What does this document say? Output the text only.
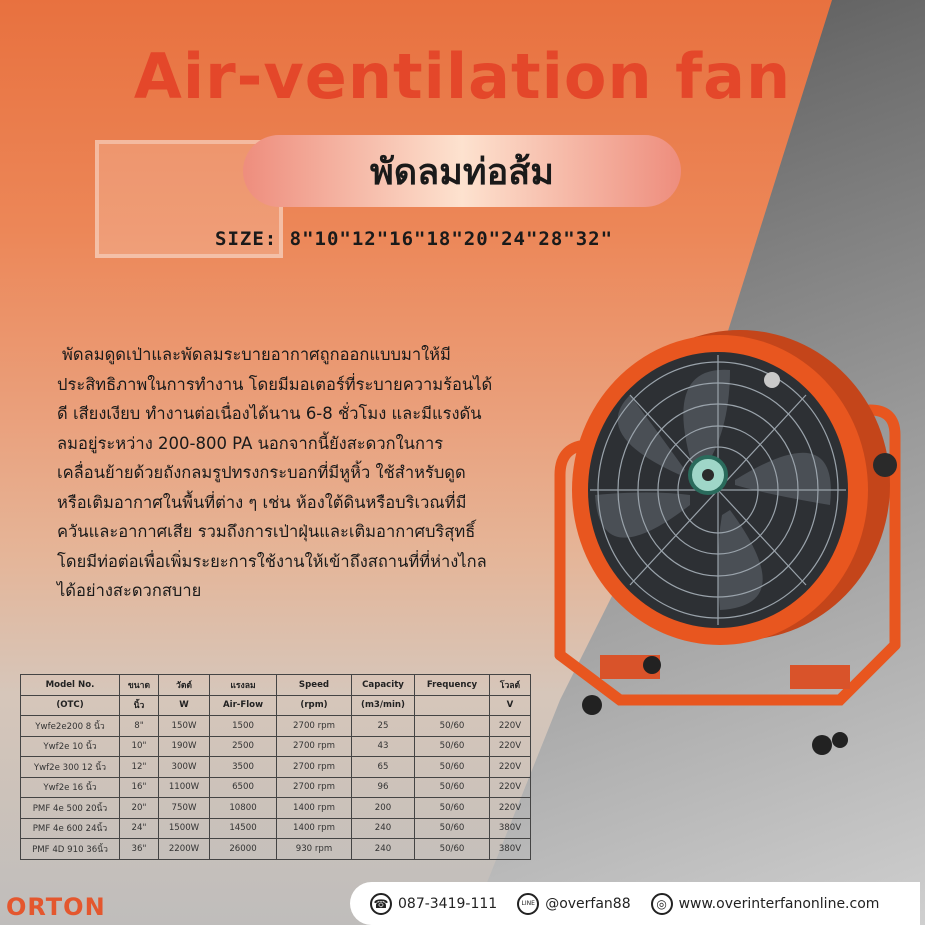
Air-ventilation fan
พัดลมท่อส้ม
SIZE: 8"10"12"16"18"20"24"28"32"

พัดลมดูดเป่าและพัดลมระบายอากาศถูกออกแบบมาให้มี

ประสิทธิภาพในการทำงาน โดยมีมอเตอร์ที่ระบายความร้อนได้

ดี เสียงเงียบ ทำงานต่อเนื่องได้นาน 6-8 ชั่วโมง และมีแรงดัน

ลมอยู่ระหว่าง 200-800 PA นอกจากนี้ยังสะดวกในการ

เคลื่อนย้ายด้วยถังกลมรูปทรงกระบอกที่มีหูหิ้ว ใช้สำหรับดูด

หรือเติมอากาศในพื้นที่ต่าง ๆ เช่น ห้องใต้ดินหรือบริเวณที่มี

ควันและอากาศเสีย รวมถึงการเป่าฝุ่นและเติมอากาศบริสุทธิ์

โดยมีท่อต่อเพื่อเพิ่มระยะการใช้งานให้เข้าถึงสถานที่ที่ห่างไกล

ได้อย่างสะดวกสบาย

Model No.	ขนาด	วัตต์	แรงลม	Speed	Capacity	Frequency	โวลต์
(OTC)	นิ้ว	W	Air-Flow	(rpm)	(m3/min)		V
Ywfe2e200 8 นิ้ว	8"	150W	1500	2700 rpm	25	50/60	220V
Ywf2e 10 นิ้ว	10"	190W	2500	2700 rpm	43	50/60	220V
Ywf2e 300 12 นิ้ว	12"	300W	3500	2700 rpm	65	50/60	220V
Ywf2e 16 นิ้ว	16"	1100W	6500	2700 rpm	96	50/60	220V
PMF 4e 500 20นิ้ว	20"	750W	10800	1400 rpm	200	50/60	220V
PMF 4e 600 24นิ้ว	24"	1500W	14500	1400 rpm	240	50/60	380V
PMF 4D 910 36นิ้ว	36"	2200W	26000	930 rpm	240	50/60	380V
ORTON	☎ 087-3419-111	LINE @overfan88	◎ www.overinterfanonline.com
